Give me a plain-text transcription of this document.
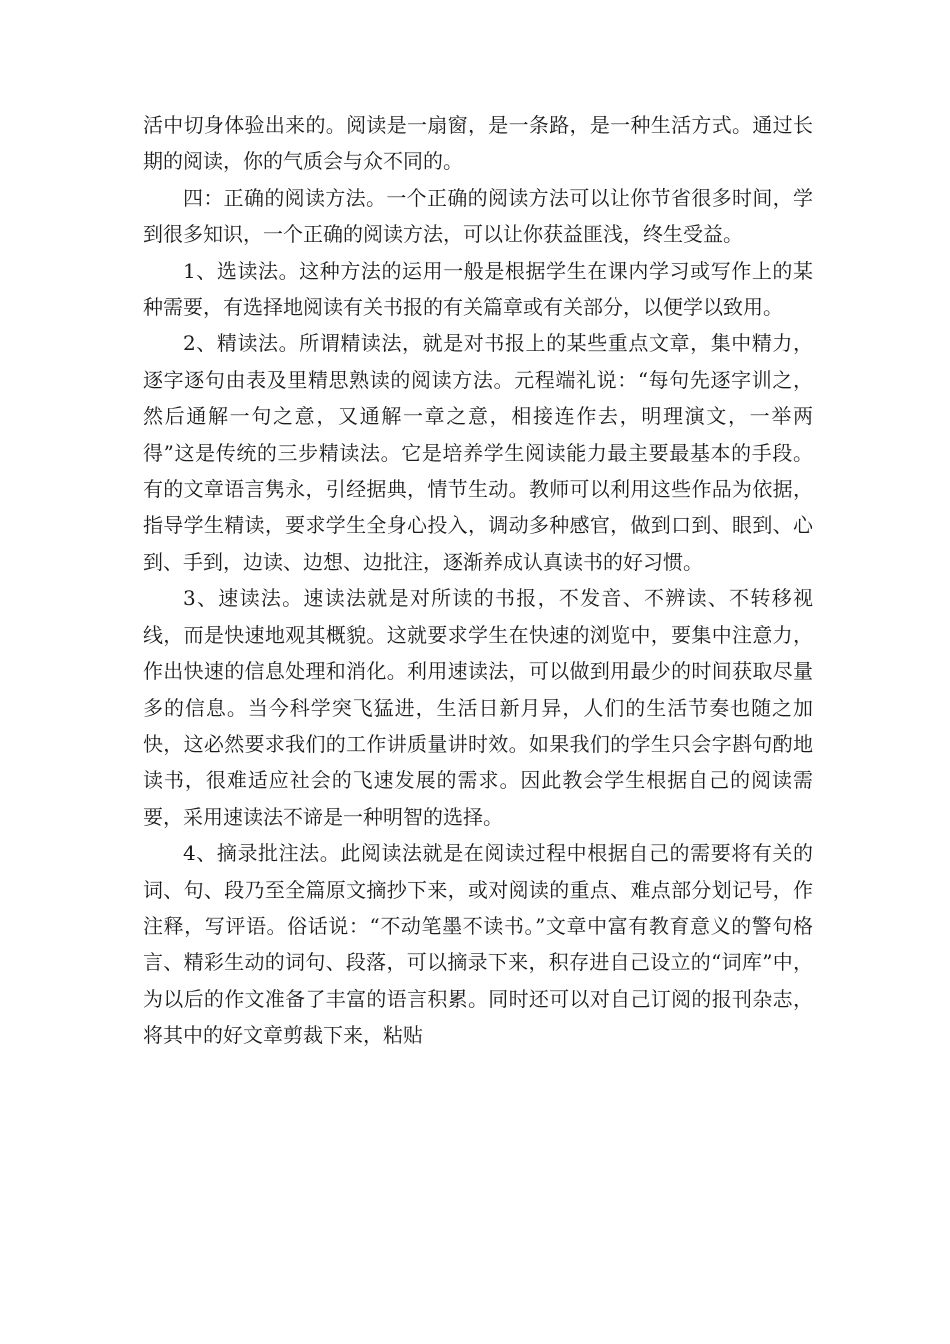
活中切身体验出来的。阅读是一扇窗，是一条路，是一种生活方式。通过长期的阅读，你的气质会与众不同的。

四：正确的阅读方法。一个正确的阅读方法可以让你节省很多时间，学到很多知识，一个正确的阅读方法，可以让你获益匪浅，终生受益。

1、选读法。这种方法的运用一般是根据学生在课内学习或写作上的某种需要，有选择地阅读有关书报的有关篇章或有关部分，以便学以致用。

2、精读法。所谓精读法，就是对书报上的某些重点文章，集中精力，逐字逐句由表及里精思熟读的阅读方法。元程端礼说：“每句先逐字训之，然后通解一句之意，又通解一章之意，相接连作去，明理演文，一举两得”这是传统的三步精读法。它是培养学生阅读能力最主要最基本的手段。有的文章语言隽永，引经据典，情节生动。教师可以利用这些作品为依据，指导学生精读，要求学生全身心投入，调动多种感官，做到口到、眼到、心到、手到，边读、边想、边批注，逐渐养成认真读书的好习惯。

3、速读法。速读法就是对所读的书报，不发音、不辨读、不转移视线，而是快速地观其概貌。这就要求学生在快速的浏览中，要集中注意力，作出快速的信息处理和消化。利用速读法，可以做到用最少的时间获取尽量多的信息。当今科学突飞猛进，生活日新月异，人们的生活节奏也随之加快，这必然要求我们的工作讲质量讲时效。如果我们的学生只会字斟句酌地读书，很难适应社会的飞速发展的需求。因此教会学生根据自己的阅读需要，采用速读法不谛是一种明智的选择。

4、摘录批注法。此阅读法就是在阅读过程中根据自己的需要将有关的词、句、段乃至全篇原文摘抄下来，或对阅读的重点、难点部分划记号，作注释，写评语。俗话说：“不动笔墨不读书。”文章中富有教育意义的警句格言、精彩生动的词句、段落，可以摘录下来，积存进自己设立的“词库”中，为以后的作文准备了丰富的语言积累。同时还可以对自己订阅的报刊杂志，将其中的好文章剪裁下来，粘贴
